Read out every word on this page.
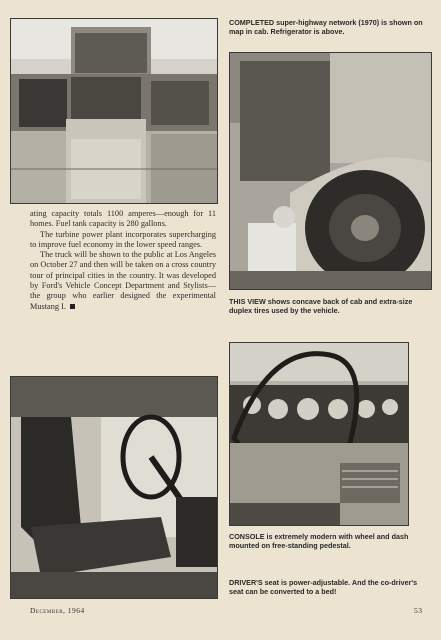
COMPLETED super-highway network (1970) is shown on map in cab. Refrigerator is above.

ating capacity totals 1100 amperes—enough for 11 homes. Fuel tank capacity is 280 gallons.

The turbine power plant incorporates supercharging to improve fuel economy in the lower speed ranges.

The truck will be shown to the public at Los Angeles on October 27 and then will be taken on a cross country tour of principal cities in the country. It was developed by Ford's Vehicle Concept Department and Stylists—the group who earlier designed the experimental Mustang I.

THIS VIEW shows concave back of cab and extra-size duplex tires used by the vehicle.
CONSOLE is extremely modern with wheel and dash mounted on free-standing pedestal.
DRIVER'S seat is power-adjustable. And the co-driver's seat can be converted to a bed!
December, 1964	53
